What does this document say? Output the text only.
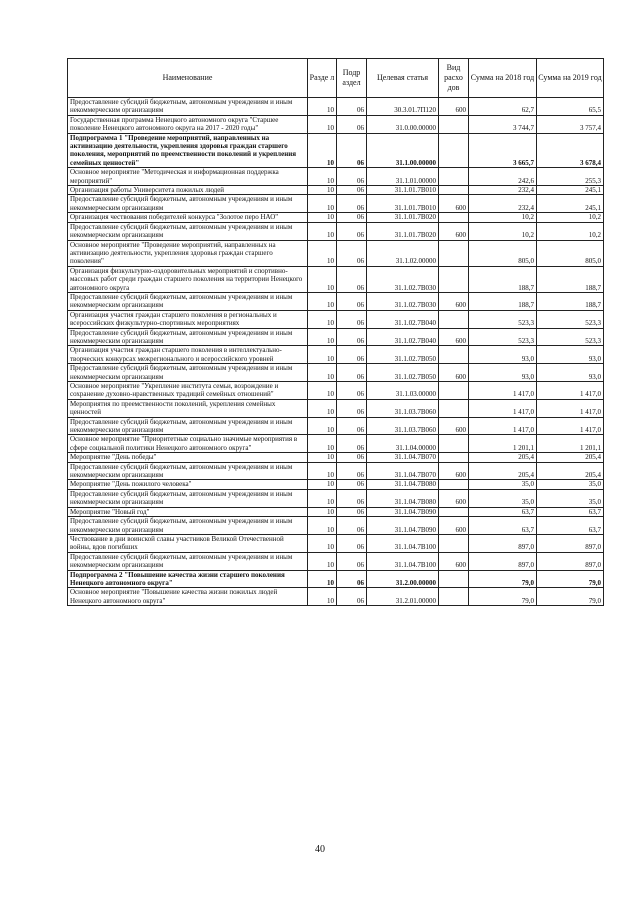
Наименование	Разде л	Подр аздел	Целевая статья	Вид расхо дов	Сумма на 2018 год	Сумма на 2019 год
Предоставление субсидий бюджетным, автономным учреждениям и иным некоммерческим организациям	10	06	30.3.01.7П120	600	62,7	65,5
Государственная программа Ненецкого автономного округа "Старшее поколение Ненецкого автономного округа на 2017 - 2020 годы"	10	06	31.0.00.00000		3 744,7	3 757,4
Подпрограмма 1 "Проведение мероприятий, направленных на активизацию деятельности, укрепления здоровья граждан старшего поколения, мероприятий по преемственности поколений и укрепления семейных ценностей"	10	06	31.1.00.00000		3 665,7	3 678,4
Основное мероприятие "Методическая и информационная поддержка мероприятий"	10	06	31.1.01.00000		242,6	255,3
Организация работы Университета пожилых людей	10	06	31.1.01.7В010		232,4	245,1
Предоставление субсидий бюджетным, автономным учреждениям и иным некоммерческим организациям	10	06	31.1.01.7В010	600	232,4	245,1
Организация чествования победителей конкурса "Золотое перо НАО"	10	06	31.1.01.7В020		10,2	10,2
Предоставление субсидий бюджетным, автономным учреждениям и иным некоммерческим организациям	10	06	31.1.01.7В020	600	10,2	10,2
Основное мероприятие "Проведение мероприятий, направленных на активизацию деятельности, укрепления здоровья граждан старшего поколения"	10	06	31.1.02.00000		805,0	805,0
Организация физкультурно-оздоровительных мероприятий и спортивно-массовых работ среди граждан старшего поколения на территории Ненецкого автономного округа	10	06	31.1.02.7В030		188,7	188,7
Предоставление субсидий бюджетным, автономным учреждениям и иным некоммерческим организациям	10	06	31.1.02.7В030	600	188,7	188,7
Организация участия граждан старшего поколения в региональных и всероссийских физкультурно-спортивных мероприятиях	10	06	31.1.02.7В040		523,3	523,3
Предоставление субсидий бюджетным, автономным учреждениям и иным некоммерческим организациям	10	06	31.1.02.7В040	600	523,3	523,3
Организация участия граждан старшего поколения в интеллектуально-творческих конкурсах межрегионального и всероссийского уровней	10	06	31.1.02.7В050		93,0	93,0
Предоставление субсидий бюджетным, автономным учреждениям и иным некоммерческим организациям	10	06	31.1.02.7В050	600	93,0	93,0
Основное мероприятие "Укрепление института семьи, возрождение и сохранение духовно-нравственных традиций семейных отношений"	10	06	31.1.03.00000		1 417,0	1 417,0
Мероприятия по преемственности поколений, укрепления семейных ценностей	10	06	31.1.03.7В060		1 417,0	1 417,0
Предоставление субсидий бюджетным, автономным учреждениям и иным некоммерческим организациям	10	06	31.1.03.7В060	600	1 417,0	1 417,0
Основное мероприятие "Приоритетные социально значимые мероприятия в сфере социальной политики Ненецкого автономного округа"	10	06	31.1.04.00000		1 201,1	1 201,1
Мероприятие "День победы"	10	06	31.1.04.7В070		205,4	205,4
Предоставление субсидий бюджетным, автономным учреждениям и иным некоммерческим организациям	10	06	31.1.04.7В070	600	205,4	205,4
Мероприятие "День пожилого человека"	10	06	31.1.04.7В080		35,0	35,0
Предоставление субсидий бюджетным, автономным учреждениям и иным некоммерческим организациям	10	06	31.1.04.7В080	600	35,0	35,0
Мероприятие "Новый год"	10	06	31.1.04.7В090		63,7	63,7
Предоставление субсидий бюджетным, автономным учреждениям и иным некоммерческим организациям	10	06	31.1.04.7В090	600	63,7	63,7
Чествование в дни воинской славы участников Великой Отечественной войны, вдов погибших	10	06	31.1.04.7В100		897,0	897,0
Предоставление субсидий бюджетным, автономным учреждениям и иным некоммерческим организациям	10	06	31.1.04.7В100	600	897,0	897,0
Подпрограмма 2 "Повышение качества жизни старшего поколения Ненецкого автономного округа"	10	06	31.2.00.00000		79,0	79,0
Основное мероприятие "Повышение качества жизни пожилых людей Ненецкого автономного округа"	10	06	31.2.01.00000		79,0	79,0
40
